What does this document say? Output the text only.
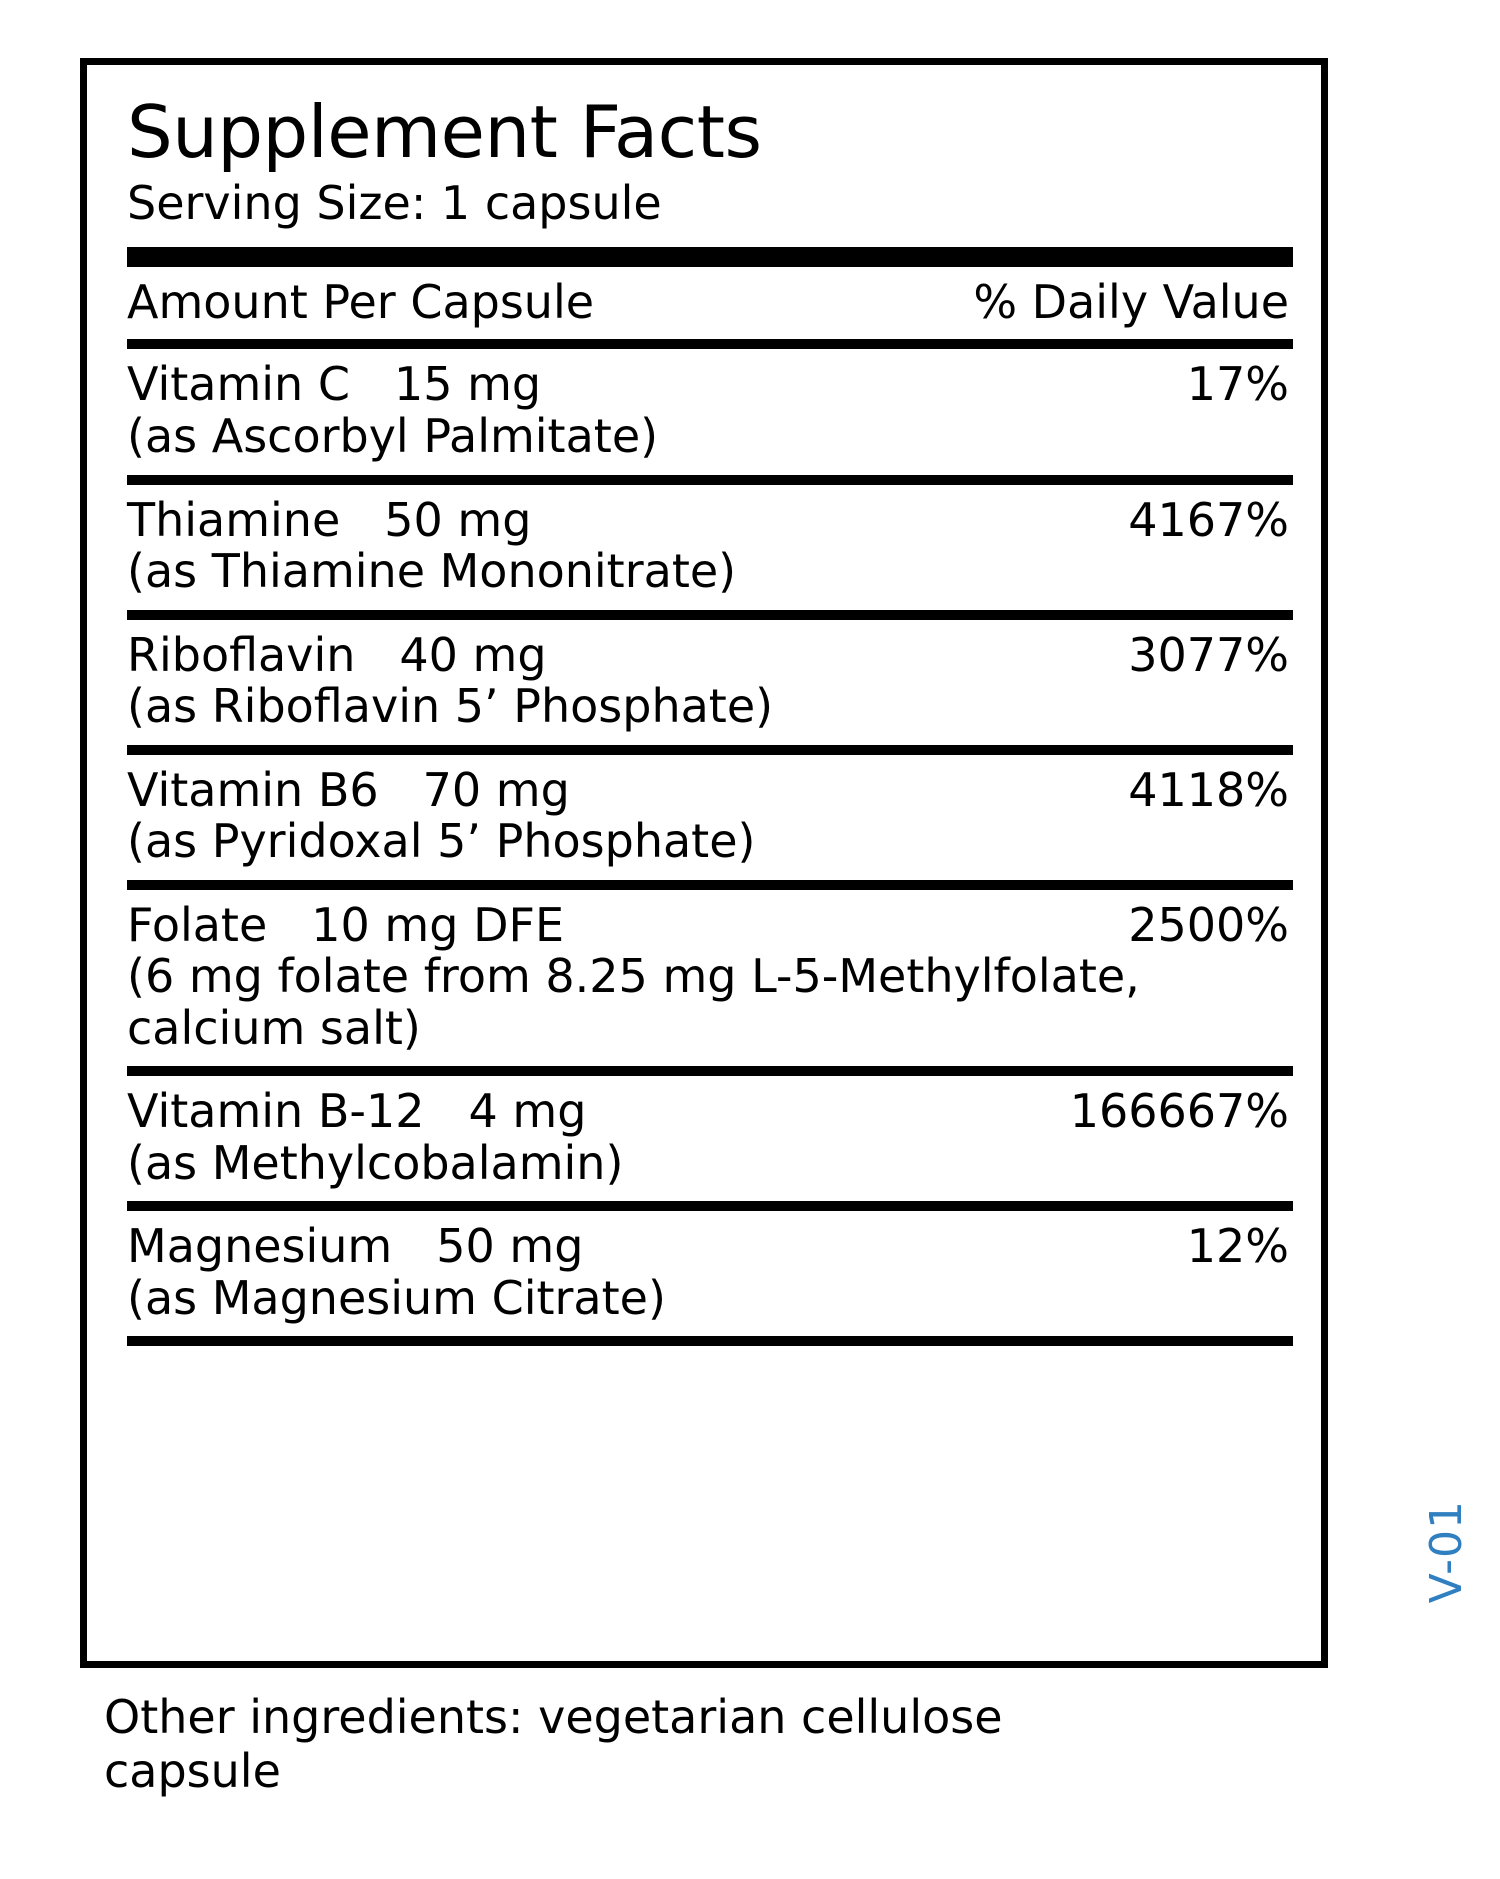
Supplement Facts
Serving Size: 1 capsule
Amount Per Capsule	% Daily Value
Vitamin C 15 mg	17%
(as Ascorbyl Palmitate)
Thiamine 50 mg	4167%
(as Thiamine Mononitrate)
Riboflavin 40 mg	3077%
(as Riboflavin 5’ Phosphate)
Vitamin B6 70 mg	4118%
(as Pyridoxal 5’ Phosphate)
Folate 10 mg DFE	2500%
(6 mg folate from 8.25 mg L-5-Methylfolate, calcium salt)
Vitamin B-12 4 mg	166667%
(as Methylcobalamin)
Magnesium 50 mg	12%
(as Magnesium Citrate)
Other ingredients: vegetarian cellulose capsule
V-01
